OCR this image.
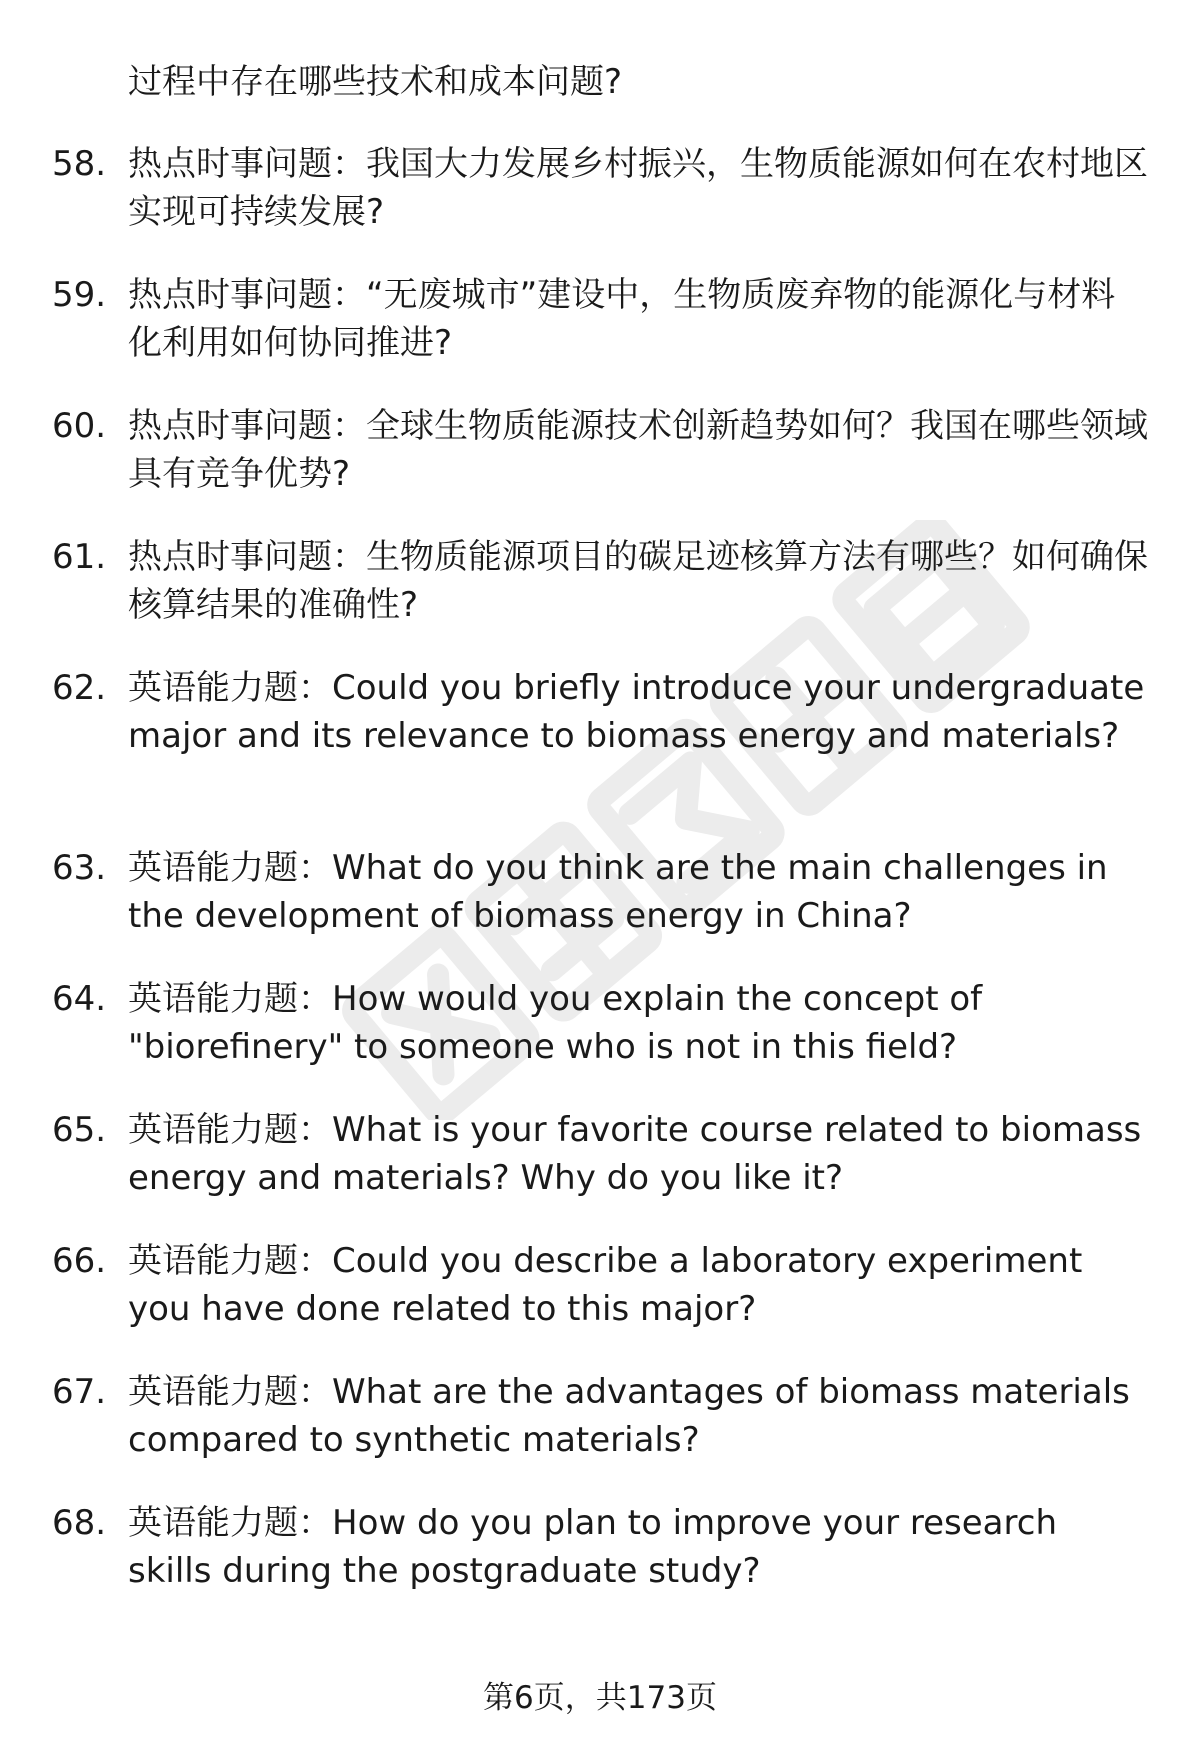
过程中存在哪些技术和成本问题?
58. 热点时事问题：我国大力发展乡村振兴，生物质能源如何在农村地区实现可持续发展?
59. 热点时事问题：“无废城市”建设中，生物质废弃物的能源化与材料化利用如何协同推进?
60. 热点时事问题：全球生物质能源技术创新趋势如何？我国在哪些领域具有竞争优势?
61. 热点时事问题：生物质能源项目的碳足迹核算方法有哪些？如何确保核算结果的准确性?
62. 英语能力题：Could you briefly introduce your undergraduate major and its relevance to biomass energy and materials?
63. 英语能力题：What do you think are the main challenges in the development of biomass energy in China?
64. 英语能力题：How would you explain the concept of "biorefinery" to someone who is not in this field?
65. 英语能力题：What is your favorite course related to biomass energy and materials? Why do you like it?
66. 英语能力题：Could you describe a laboratory experiment you have done related to this major?
67. 英语能力题：What are the advantages of biomass materials compared to synthetic materials?
68. 英语能力题：How do you plan to improve your research skills during the postgraduate study?
第6页，共173页
